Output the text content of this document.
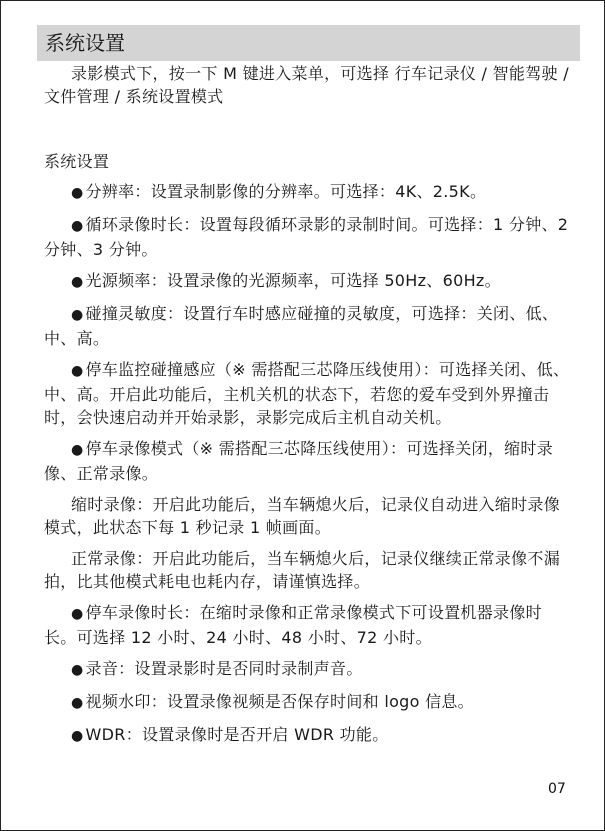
系统设置

录影模式下，按一下 M 键进入菜单，可选择 行车记录仪 / 智能驾驶 / 文件管理 / 系统设置模式

系统设置

● 分辨率：设置录制影像的分辨率。可选择：4K、2.5K。

● 循环录像时长：设置每段循环录影的录制时间。可选择：1 分钟、2 分钟、3 分钟。

● 光源频率：设置录像的光源频率，可选择 50Hz、60Hz。

● 碰撞灵敏度：设置行车时感应碰撞的灵敏度，可选择：关闭、低、中、高。

● 停车监控碰撞感应（※ 需搭配三芯降压线使用）：可选择关闭、低、中、高。开启此功能后，主机关机的状态下，若您的爱车受到外界撞击时，会快速启动并开始录影，录影完成后主机自动关机。

● 停车录像模式（※ 需搭配三芯降压线使用）：可选择关闭，缩时录像、正常录像。

缩时录像：开启此功能后，当车辆熄火后，记录仪自动进入缩时录像模式，此状态下每 1 秒记录 1 帧画面。

正常录像：开启此功能后，当车辆熄火后，记录仪继续正常录像不漏拍，比其他模式耗电也耗内存，请谨慎选择。

● 停车录像时长：在缩时录像和正常录像模式下可设置机器录像时长。可选择 12 小时、24 小时、48 小时、72 小时。

● 录音：设置录影时是否同时录制声音。

● 视频水印：设置录像视频是否保存时间和 logo 信息。

● WDR：设置录像时是否开启 WDR 功能。

07
